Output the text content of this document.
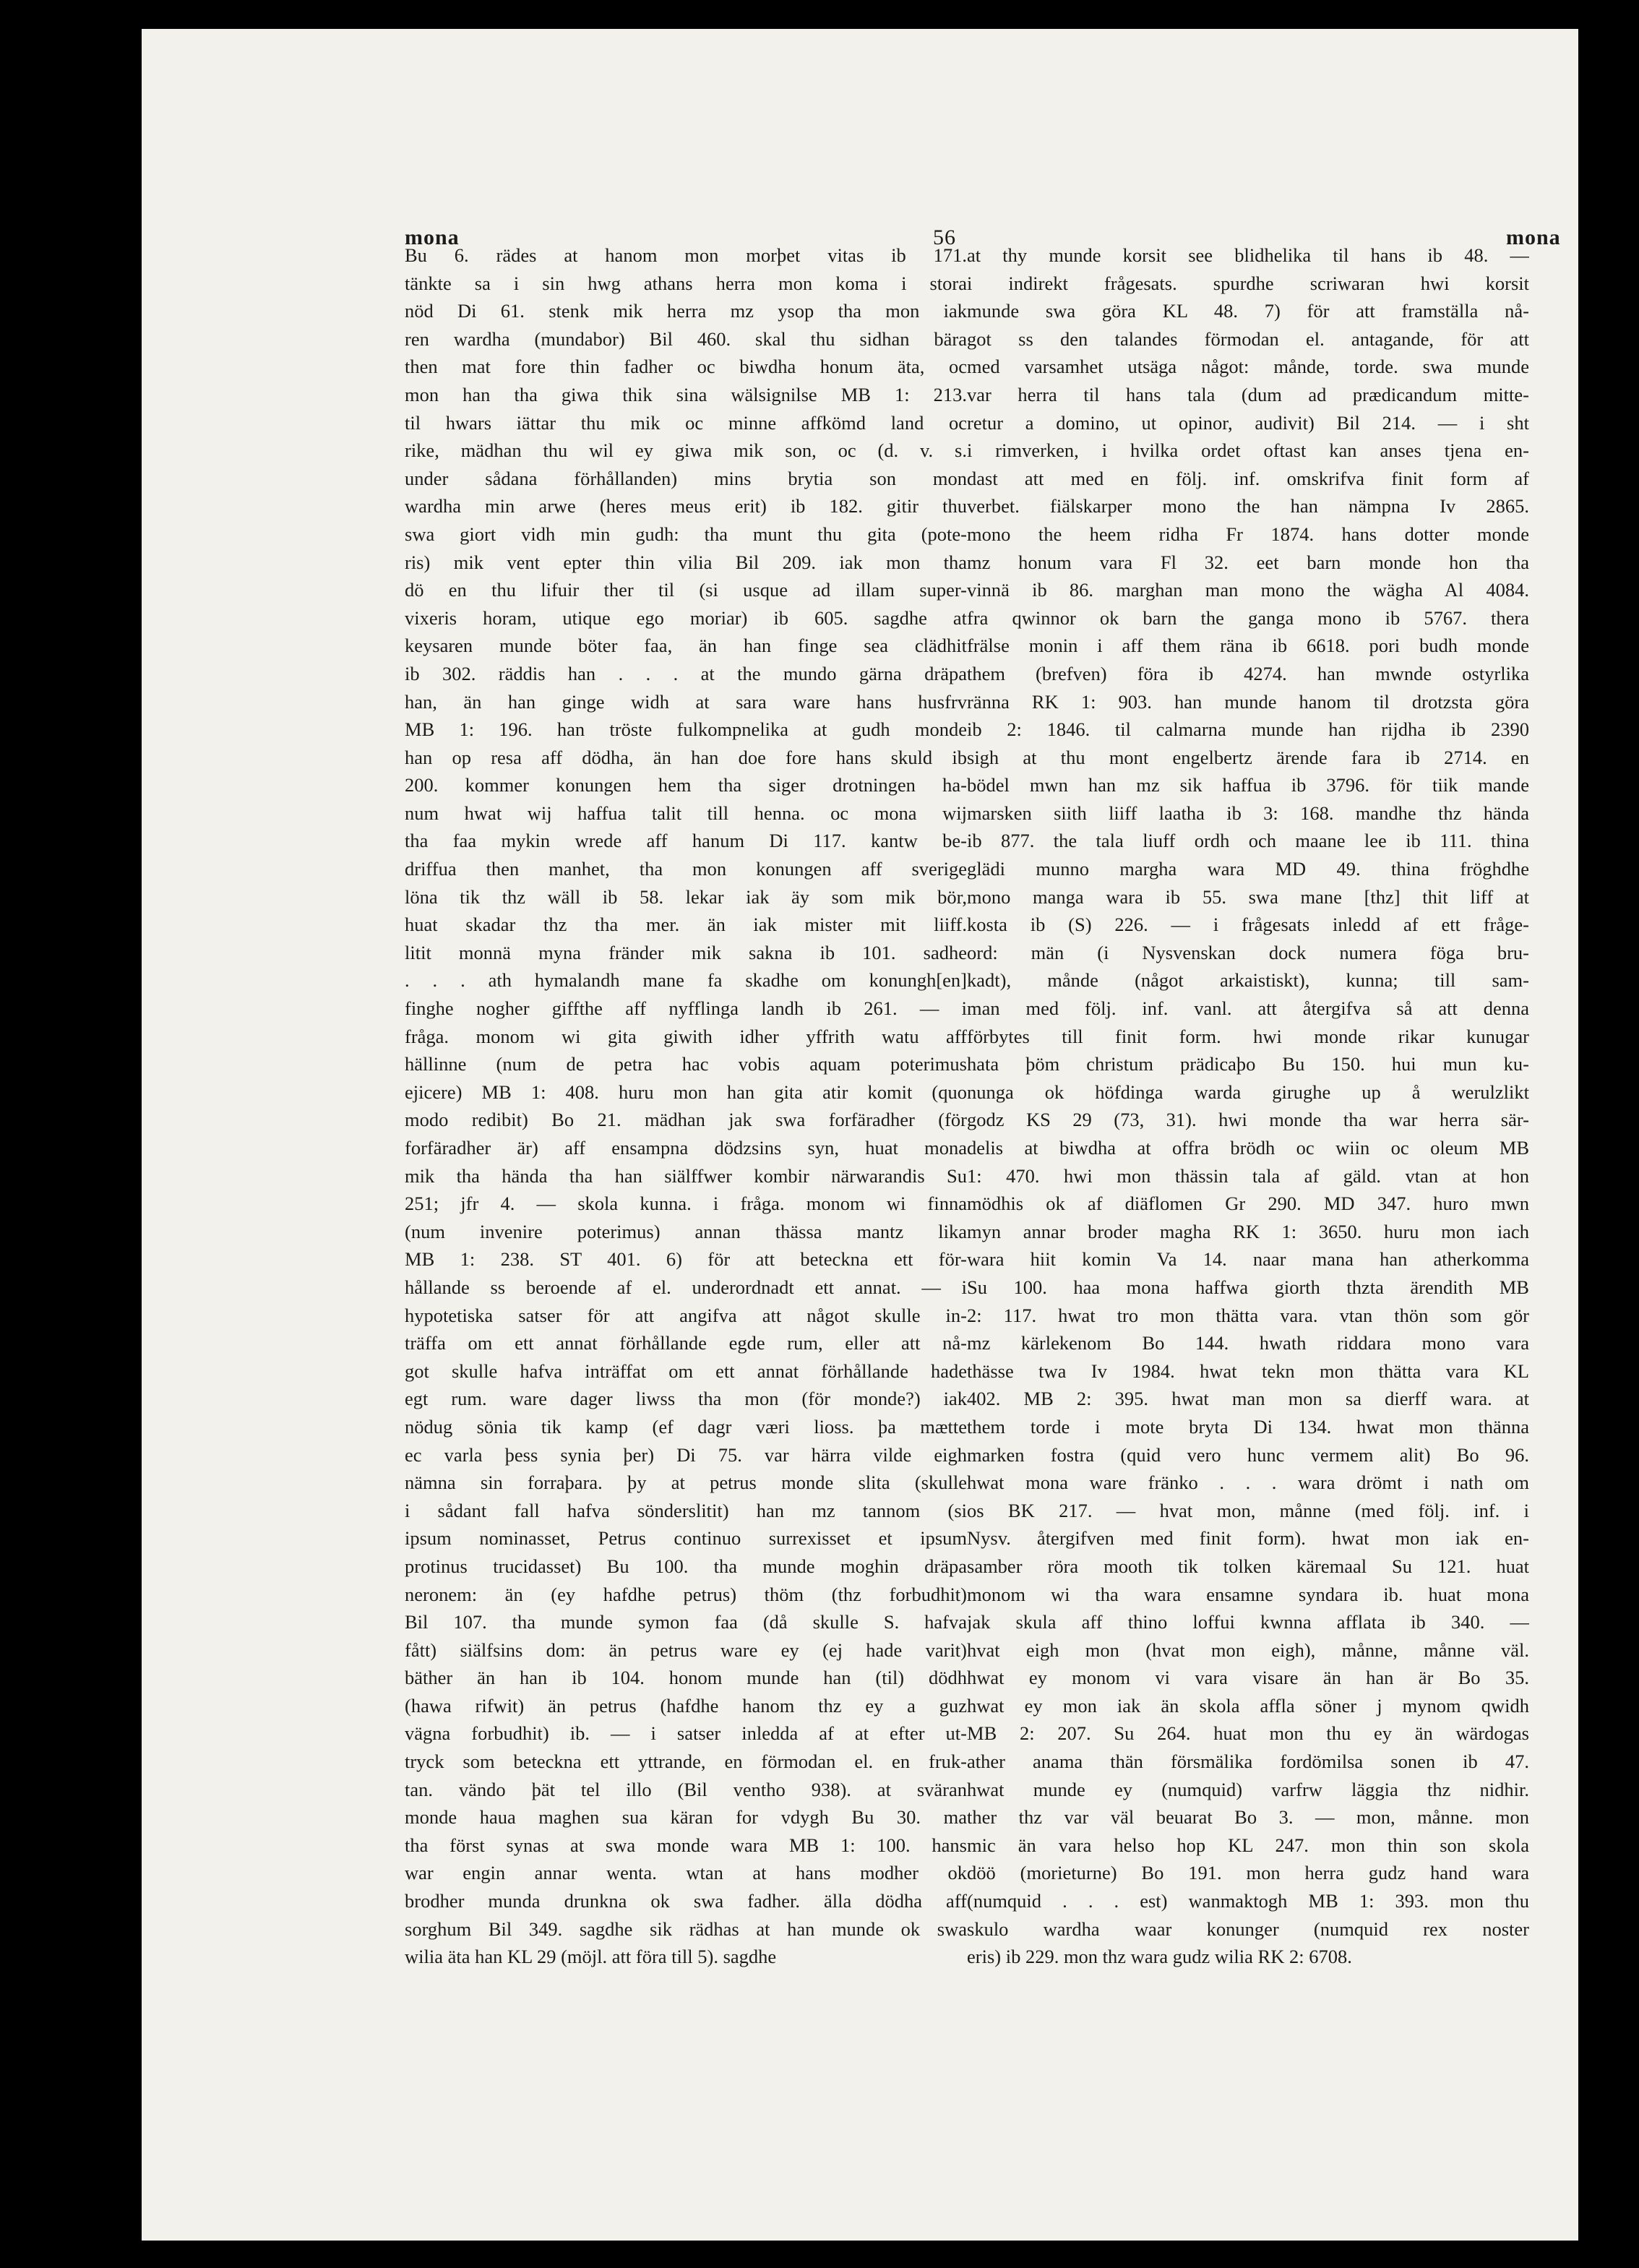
mona	56	mona
Bu 6. rädes at hanom mon morþet vitas ib 171.
tänkte sa i sin hwg athans herra mon koma i stora
nöd Di 61. stenk mik herra mz ysop tha mon iak
ren wardha (mundabor) Bil 460. skal thu sidhan bära
then mat fore thin fadher oc biwdha honum äta, oc
mon han tha giwa thik sina wälsignilse MB 1: 213.
til hwars iättar thu mik oc minne affkömd land oc
rike, mädhan thu wil ey giwa mik son, oc (d. v. s.
under sådana förhållanden) mins brytia son mon
wardha min arwe (heres meus erit) ib 182. gitir thu
swa giort vidh min gudh: tha munt thu gita (pote-
ris) mik vent epter thin vilia Bil 209. iak mon tha
dö en thu lifuir ther til (si usque ad illam super-
vixeris horam, utique ego moriar) ib 605. sagdhe at
keysaren munde böter faa, än han finge sea clädhit
ib 302. räddis han . . . at the mundo gärna dräpa
han, än han ginge widh at sara ware hans husfrv
MB 1: 196. han tröste fulkompnelika at gudh monde
han op resa aff dödha, än han doe fore hans skuld ib
200. kommer konungen hem tha siger drotningen ha-
num hwat wij haffua talit till henna. oc mona wij
tha faa mykin wrede aff hanum Di 117. kantw be-
driffua then manhet, tha mon konungen aff sverige
löna tik thz wäll ib 58. lekar iak äy som mik bör,
huat skadar thz tha mer. än iak mister mit liiff.
litit monnä myna fränder mik sakna ib 101. sadhe
. . . ath hymalandh mane fa skadhe om konungh[en]
finghe nogher giffthe aff nyfflinga landh ib 261. — i
fråga. monom wi gita giwith idher yffrith watu aff
hällinne (num de petra hac vobis aquam poterimus
ejicere) MB 1: 408. huru mon han gita atir komit (quo
modo redibit) Bo 21. mädhan jak swa forfäradher (för
forfäradher är) aff ensampna dödzsins syn, huat mona
mik tha hända tha han siälffwer kombir närwarandis Su
251; jfr 4. — skola kunna. i fråga. monom wi finna
(num invenire poterimus) annan thässa mantz lika
MB 1: 238. ST 401. 6) för att beteckna ett för-
hållande ss beroende af el. underordnadt ett annat. — i
hypotetiska satser för att angifva att något skulle in-
träffa om ett annat förhållande egde rum, eller att nå-
got skulle hafva inträffat om ett annat förhållande hade
egt rum. ware dager liwss tha mon (för monde?) iak
nödug sönia tik kamp (ef dagr væri lioss. þa mætte
ec varla þess synia þer) Di 75. var härra vilde eigh
nämna sin forraþara. þy at petrus monde slita (skulle
i sådant fall hafva sönderslitit) han mz tannom (si
ipsum nominasset, Petrus continuo surrexisset et ipsum
protinus trucidasset) Bu 100. tha munde moghin dräpa
neronem: än (ey hafdhe petrus) thöm (thz forbudhit)
Bil 107. tha munde symon faa (då skulle S. hafva
fått) siälfsins dom: än petrus ware ey (ej hade varit)
bäther än han ib 104. honom munde han (til) dödh
(hawa rifwit) än petrus (hafdhe hanom thz ey a guz
vägna forbudhit) ib. — i satser inledda af at efter ut-
tryck som beteckna ett yttrande, en förmodan el. en fruk-
tan. vändo þät tel illo (Bil ventho 938). at sväran
monde haua maghen sua käran for vdygh Bu 30. ma
tha först synas at swa monde wara MB 1: 100. hans
war engin annar wenta. wtan at hans modher ok
brodher munda drunkna ok swa fadher. älla dödha aff
sorghum Bil 349. sagdhe sik rädhas at han munde ok swa
wilia äta han KL 29 (möjl. att föra till 5). sagdhe
at thy munde korsit see blidhelika til hans ib 48. —
i indirekt frågesats. spurdhe scriwaran hwi korsit
munde swa göra KL 48. 7) för att framställa nå-
got ss den talandes förmodan el. antagande, för att
med varsamhet utsäga något: månde, torde. swa munde
var herra til hans tala (dum ad prædicandum mitte-
retur a domino, ut opinor, audivit) Bil 214. — i sht
i rimverken, i hvilka ordet oftast kan anses tjena en-
dast att med en följ. inf. omskrifva finit form af
verbet. fiälskarper mono the han nämpna Iv 2865.
mono the heem ridha Fr 1874. hans dotter monde
mz honum vara Fl 32. eet barn monde hon tha
vinnä ib 86. marghan man mono the wägha Al 4084.
fra qwinnor ok barn the ganga mono ib 5767. thera
frälse monin i aff them räna ib 6618. pori budh monde
them (brefven) föra ib 4274. han mwnde ostyrlika
ränna RK 1: 903. han munde hanom til drotzsta göra
ib 2: 1846. til calmarna munde han rijdha ib 2390
sigh at thu mont engelbertz ärende fara ib 2714. en
bödel mwn han mz sik haffua ib 3796. för tiik mande
marsken siith liiff laatha ib 3: 168. mandhe thz hända
ib 877. the tala liuff ordh och maane lee ib 111. thina
glädi munno margha wara MD 49. thina fröghdhe
mono manga wara ib 55. swa mane [thz] thit liff at
kosta ib (S) 226. — i frågesats inledd af ett fråge-
ord: män (i Nysvenskan dock numera föga bru-
kadt), månde (något arkaistiskt), kunna; till sam-
man med följ. inf. vanl. att återgifva så att denna
förbytes till finit form. hwi monde rikar kunugar
hata þöm christum prädicaþo Bu 150. hui mun ku-
nunga ok höfdinga warda girughe up å werulzlikt
godz KS 29 (73, 31). hwi monde tha war herra sär-
delis at biwdha at offra brödh oc wiin oc oleum MB
1: 470. hwi mon thässin tala af gäld. vtan at hon
mödhis ok af diäflomen Gr 290. MD 347. huro mwn
myn annar broder magha RK 1: 3650. huru mon iach
wara hiit komin Va 14. naar mana han atherkomma
Su 100. haa mona haffwa giorth thzta ärendith MB
2: 117. hwat tro mon thätta vara. vtan thön som gör
mz kärlekenom Bo 144. hwath riddara mono vara
thässe twa Iv 1984. hwat tekn mon thätta vara KL
402. MB 2: 395. hwat man mon sa dierff wara. at
them torde i mote bryta Di 134. hwat mon thänna
marken fostra (quid vero hunc vermem alit) Bo 96.
hwat mona ware fränko . . . wara drömt i nath om
os BK 217. — hvat mon, månne (med följ. inf. i
Nysv. återgifven med finit form). hwat mon iak en-
samber röra mooth tik tolken käremaal Su 121. huat
monom wi tha wara ensamne syndara ib. huat mona
jak skula aff thino loffui kwnna afflata ib 340. —
hvat eigh mon (hvat mon eigh), månne, månne väl.
hwat ey monom vi vara visare än han är Bo 35.
hwat ey mon iak än skola affla söner j mynom qwidh
MB 2: 207. Su 264. huat mon thu ey än wärdogas
ather anama thän försmälika fordömilsa sonen ib 47.
hwat munde ey (numquid) varfrw läggia thz nidhir.
ther thz var väl beuarat Bo 3. — mon, månne. mon
mic än vara helso hop KL 247. mon thin son skola
döö (morieturne) Bo 191. mon herra gudz hand wara
(numquid . . . est) wanmaktogh MB 1: 393. mon thu
skulo wardha waar konunger (numquid rex noster
eris) ib 229. mon thz wara gudz wilia RK 2: 6708.
